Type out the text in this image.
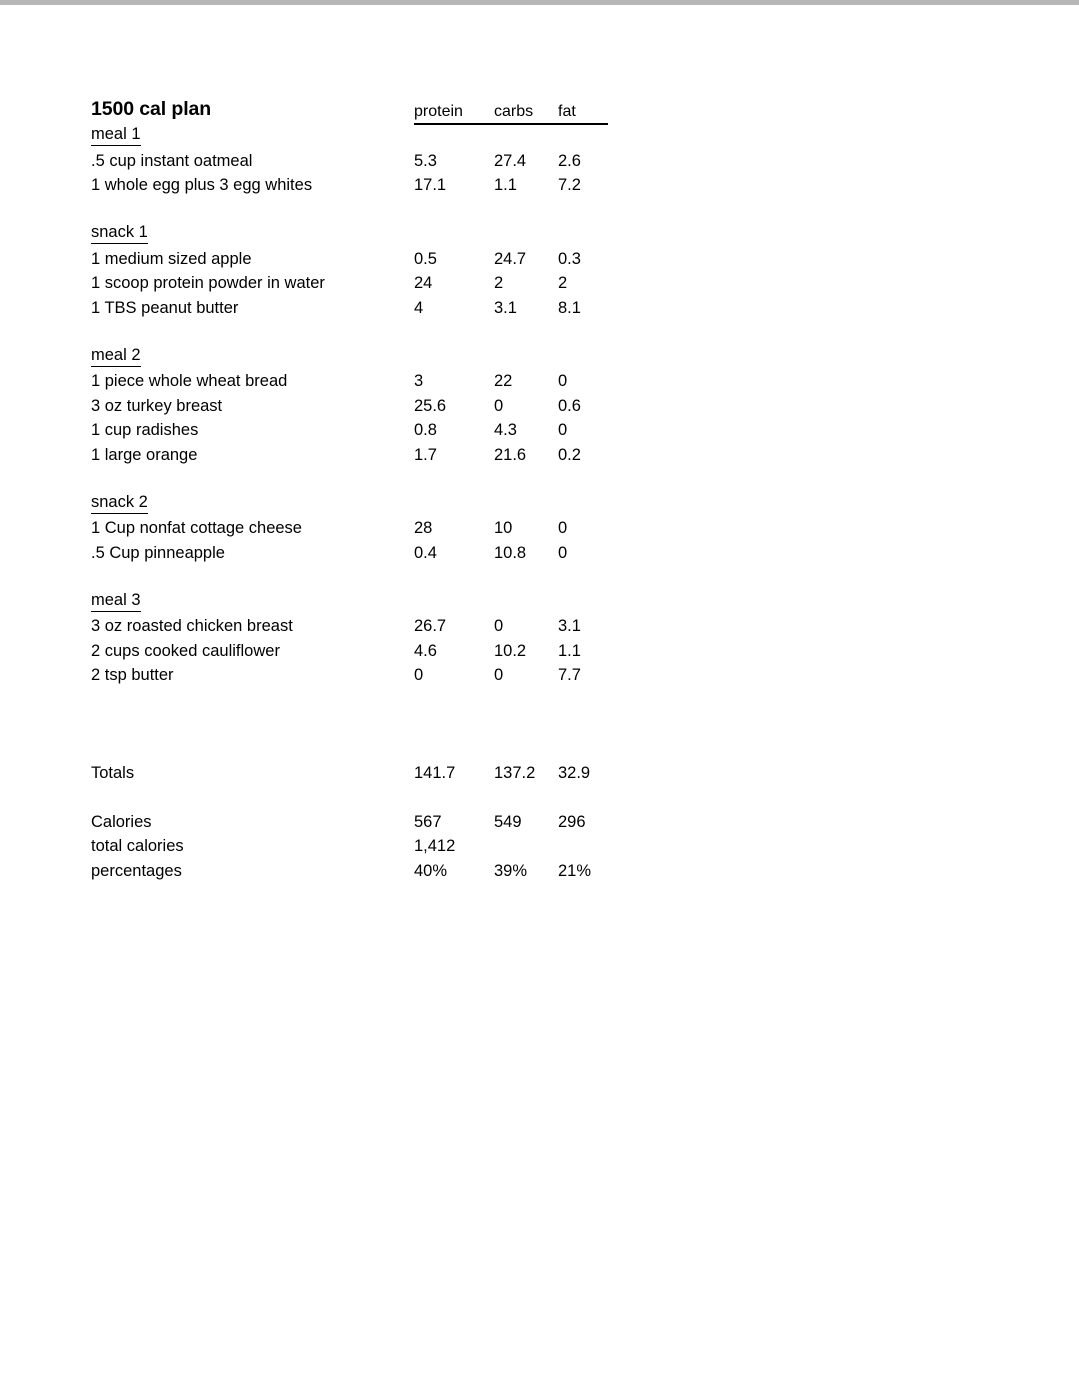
1500 cal plan	protein carbs fat
meal 1
.5 cup instant oatmeal	5.3	27.4 2.6
1 whole egg plus 3 egg whites	17.1	1.1 7.2
snack 1
1 medium sized apple	0.5	24.7 0.3
1 scoop protein powder in water	24	2	2
1 TBS peanut butter	4	3.1 8.1
meal 2
1 piece whole wheat bread	3	22	0
3 oz turkey breast	25.6	0	0.6
1 cup radishes	0.8	4.3 0
1 large orange	1.7	21.6 0.2
snack 2
1 Cup nonfat cottage cheese	28	10	0
.5 Cup pinneapple	0.4	10.8 0
meal 3
3 oz roasted chicken breast	26.7	0	3.1
2 cups cooked cauliflower	4.6	10.2 1.1
2 tsp butter	0	0	7.7
Totals	141.7 137.2 32.9
Calories	567	549 296
total calories	1,412
percentages	40%	39% 21%
